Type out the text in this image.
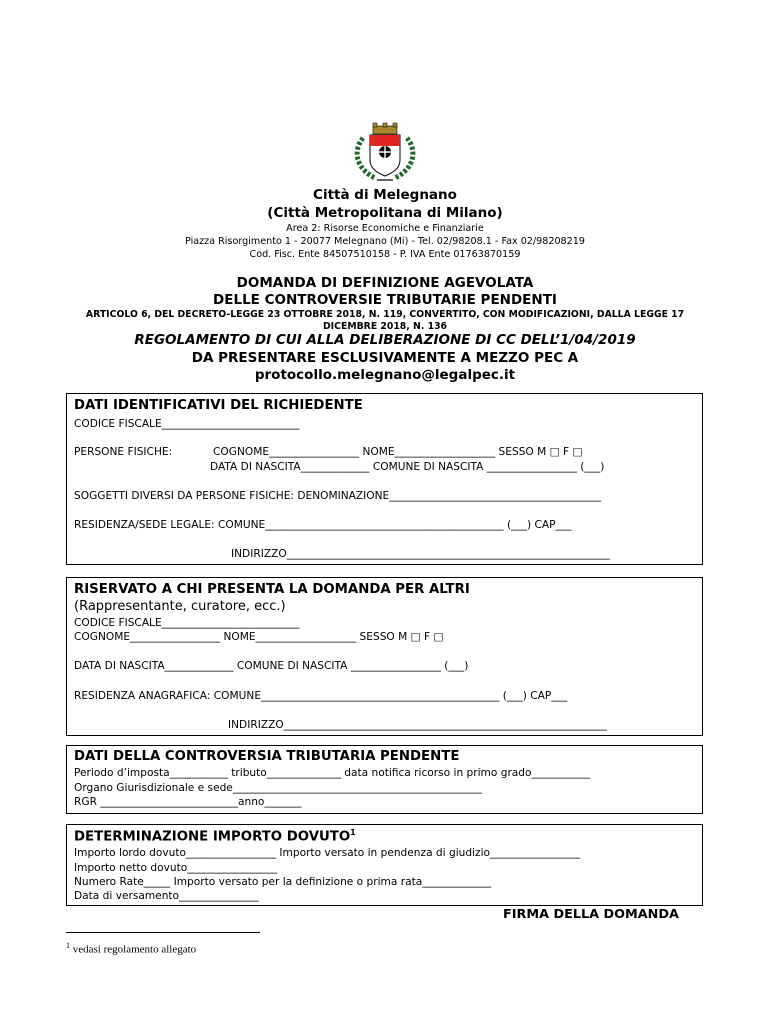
Città di Melegnano
(Città Metropolitana di Milano)
Area 2: Risorse Economiche e Finanziarie
Piazza Risorgimento 1 - 20077 Melegnano (Mi) - Tel. 02/98208.1 - Fax 02/98208219
Cod. Fisc. Ente 84507510158 - P. IVA Ente 01763870159
DOMANDA DI DEFINIZIONE AGEVOLATA
DELLE CONTROVERSIE TRIBUTARIE PENDENTI
ARTICOLO 6, DEL DECRETO-LEGGE 23 OTTOBRE 2018, N. 119, CONVERTITO, CON MODIFICAZIONI, DALLA LEGGE 17
DICEMBRE 2018, N. 136
REGOLAMENTO DI CUI ALLA DELIBERAZIONE DI CC DELL’1/04/2019
DA PRESENTARE ESCLUSIVAMENTE A MEZZO PEC A
protocollo.melegnano@legalpec.it
DATI IDENTIFICATIVI DEL RICHIEDENTE
CODICE FISCALE__________________________
PERSONE FISICHE:	COGNOME_________________ NOME___________________ SESSO M □ F □
DATA DI NASCITA_____________ COMUNE DI NASCITA _________________ (___)
SOGGETTI DIVERSI DA PERSONE FISICHE: DENOMINAZIONE________________________________________
RESIDENZA/SEDE LEGALE: COMUNE_____________________________________________ (___) CAP___
INDIRIZZO_____________________________________________________________
RISERVATO A CHI PRESENTA LA DOMANDA PER ALTRI
(Rappresentante, curatore, ecc.)
CODICE FISCALE__________________________
COGNOME_________________ NOME___________________ SESSO M □ F □
DATA DI NASCITA_____________ COMUNE DI NASCITA _________________ (___)
RESIDENZA ANAGRAFICA: COMUNE_____________________________________________ (___) CAP___
INDIRIZZO_____________________________________________________________
DATI DELLA CONTROVERSIA TRIBUTARIA PENDENTE
Periodo d’imposta___________ tributo______________ data notifica ricorso in primo grado___________
Organo Giurisdizionale e sede_______________________________________________
RGR __________________________anno_______
DETERMINAZIONE IMPORTO DOVUTO$^1$
Importo lordo dovuto_________________ Importo versato in pendenza di giudizio_________________
Importo netto dovuto_________________
Numero Rate_____ Importo versato per la definizione o prima rata_____________
Data di versamento_______________
FIRMA DELLA DOMANDA
$^1$ vedasi regolamento allegato
